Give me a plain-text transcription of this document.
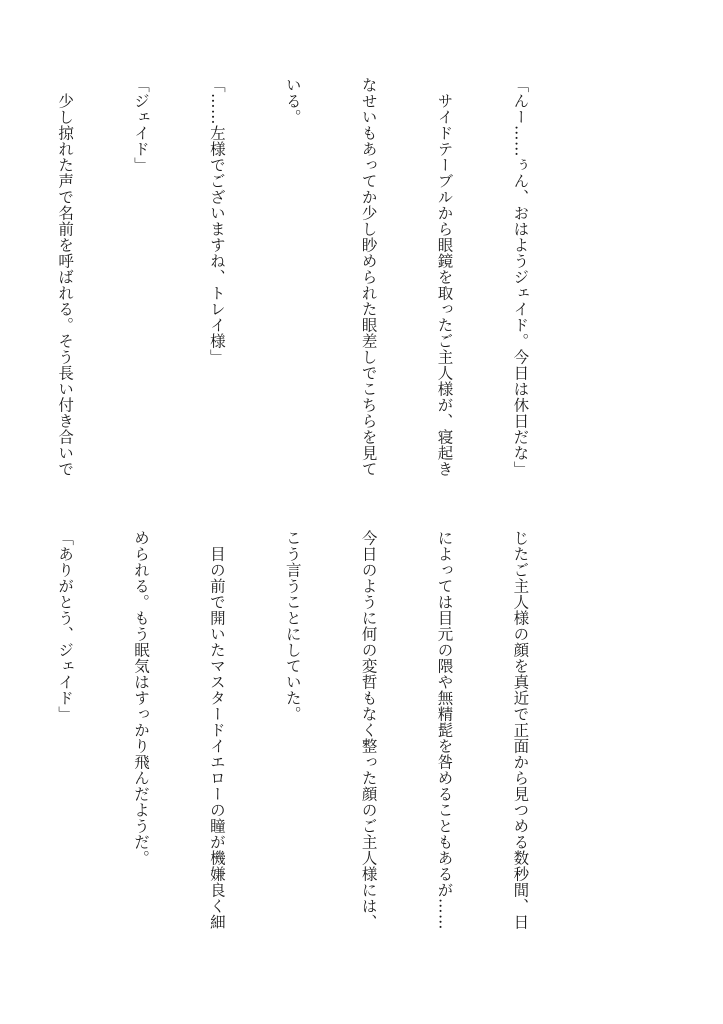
「んー……ぅん、おはようジェイド。今日は休日だな」

　サイドテーブルから眼鏡を取ったご主人様が、寝起き

なせいもあってか少し眇められた眼差しでこちらを見て

いる。

「……左様でございますね、トレイ様」

「ジェイド」

　少し掠れた声で名前を呼ばれる。そう長い付き合いで

じたご主人様の顔を真近で正面から見つめる数秒間、日

によっては目元の隈や無精髭を咎めることもあるが……

今日のように何の変哲もなく整った顔のご主人様には、

こう言うことにしていた。

　目の前で開いたマスタードイエローの瞳が機嫌良く細

められる。もう眠気はすっかり飛んだようだ。

「ありがとう、ジェイド」
